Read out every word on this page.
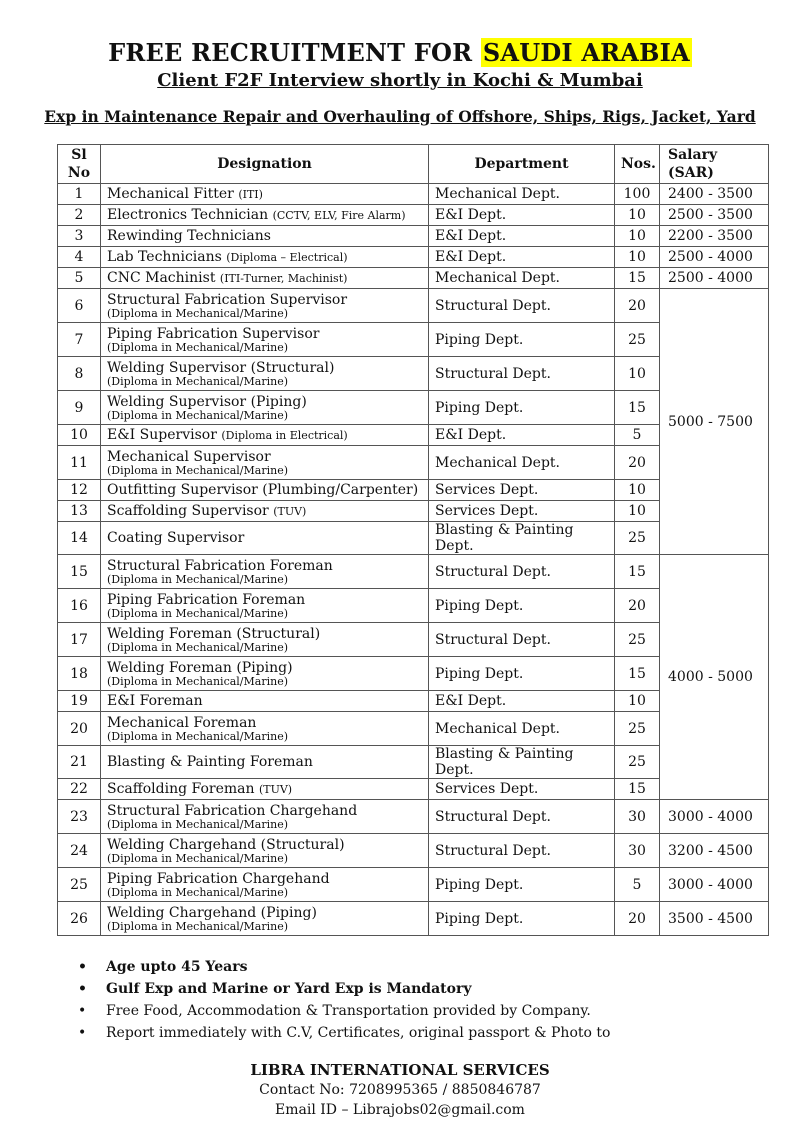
FREE RECRUITMENT FOR SAUDI ARABIA
Client F2F Interview shortly in Kochi & Mumbai
Exp in Maintenance Repair and Overhauling of Offshore, Ships, Rigs, Jacket, Yard
Sl
No	Designation	Department	Nos.	Salary
(SAR)
1	Mechanical Fitter (ITI)	Mechanical Dept.	100	2400 - 3500
2	Electronics Technician (CCTV, ELV, Fire Alarm)	E&I Dept.	10	2500 - 3500
3	Rewinding Technicians	E&I Dept.	10	2200 - 3500
4	Lab Technicians (Diploma – Electrical)	E&I Dept.	10	2500 - 4000
5	CNC Machinist (ITI-Turner, Machinist)	Mechanical Dept.	15	2500 - 4000
6	Structural Fabrication Supervisor
(Diploma in Mechanical/Marine)	Structural Dept.	20	5000 - 7500
7	Piping Fabrication Supervisor
(Diploma in Mechanical/Marine)	Piping Dept.	25	
8	Welding Supervisor (Structural)
(Diploma in Mechanical/Marine)	Structural Dept.	10	
9	Welding Supervisor (Piping)
(Diploma in Mechanical/Marine)	Piping Dept.	15	
10	E&I Supervisor (Diploma in Electrical)	E&I Dept.	5	
11	Mechanical Supervisor
(Diploma in Mechanical/Marine)	Mechanical Dept.	20	
12	Outfitting Supervisor (Plumbing/Carpenter)	Services Dept.	10	
13	Scaffolding Supervisor (TUV)	Services Dept.	10	
14	Coating Supervisor	Blasting & Painting Dept.	25	
15	Structural Fabrication Foreman
(Diploma in Mechanical/Marine)	Structural Dept.	15	4000 - 5000
16	Piping Fabrication Foreman
(Diploma in Mechanical/Marine)	Piping Dept.	20	
17	Welding Foreman (Structural)
(Diploma in Mechanical/Marine)	Structural Dept.	25	
18	Welding Foreman (Piping)
(Diploma in Mechanical/Marine)	Piping Dept.	15	
19	E&I Foreman	E&I Dept.	10	
20	Mechanical Foreman
(Diploma in Mechanical/Marine)	Mechanical Dept.	25	
21	Blasting & Painting Foreman	Blasting & Painting Dept.	25	
22	Scaffolding Foreman (TUV)	Services Dept.	15	
23	Structural Fabrication Chargehand
(Diploma in Mechanical/Marine)	Structural Dept.	30	3000 - 4000
24	Welding Chargehand (Structural)
(Diploma in Mechanical/Marine)	Structural Dept.	30	3200 - 4500
25	Piping Fabrication Chargehand
(Diploma in Mechanical/Marine)	Piping Dept.	5	3000 - 4000
26	Welding Chargehand (Piping)
(Diploma in Mechanical/Marine)	Piping Dept.	20	3500 - 4500
• Age upto 45 Years
• Gulf Exp and Marine or Yard Exp is Mandatory
• Free Food, Accommodation & Transportation provided by Company.
• Report immediately with C.V, Certificates, original passport & Photo to
LIBRA INTERNATIONAL SERVICES
Contact No: 7208995365 / 8850846787
Email ID – Librajobs02@gmail.com
